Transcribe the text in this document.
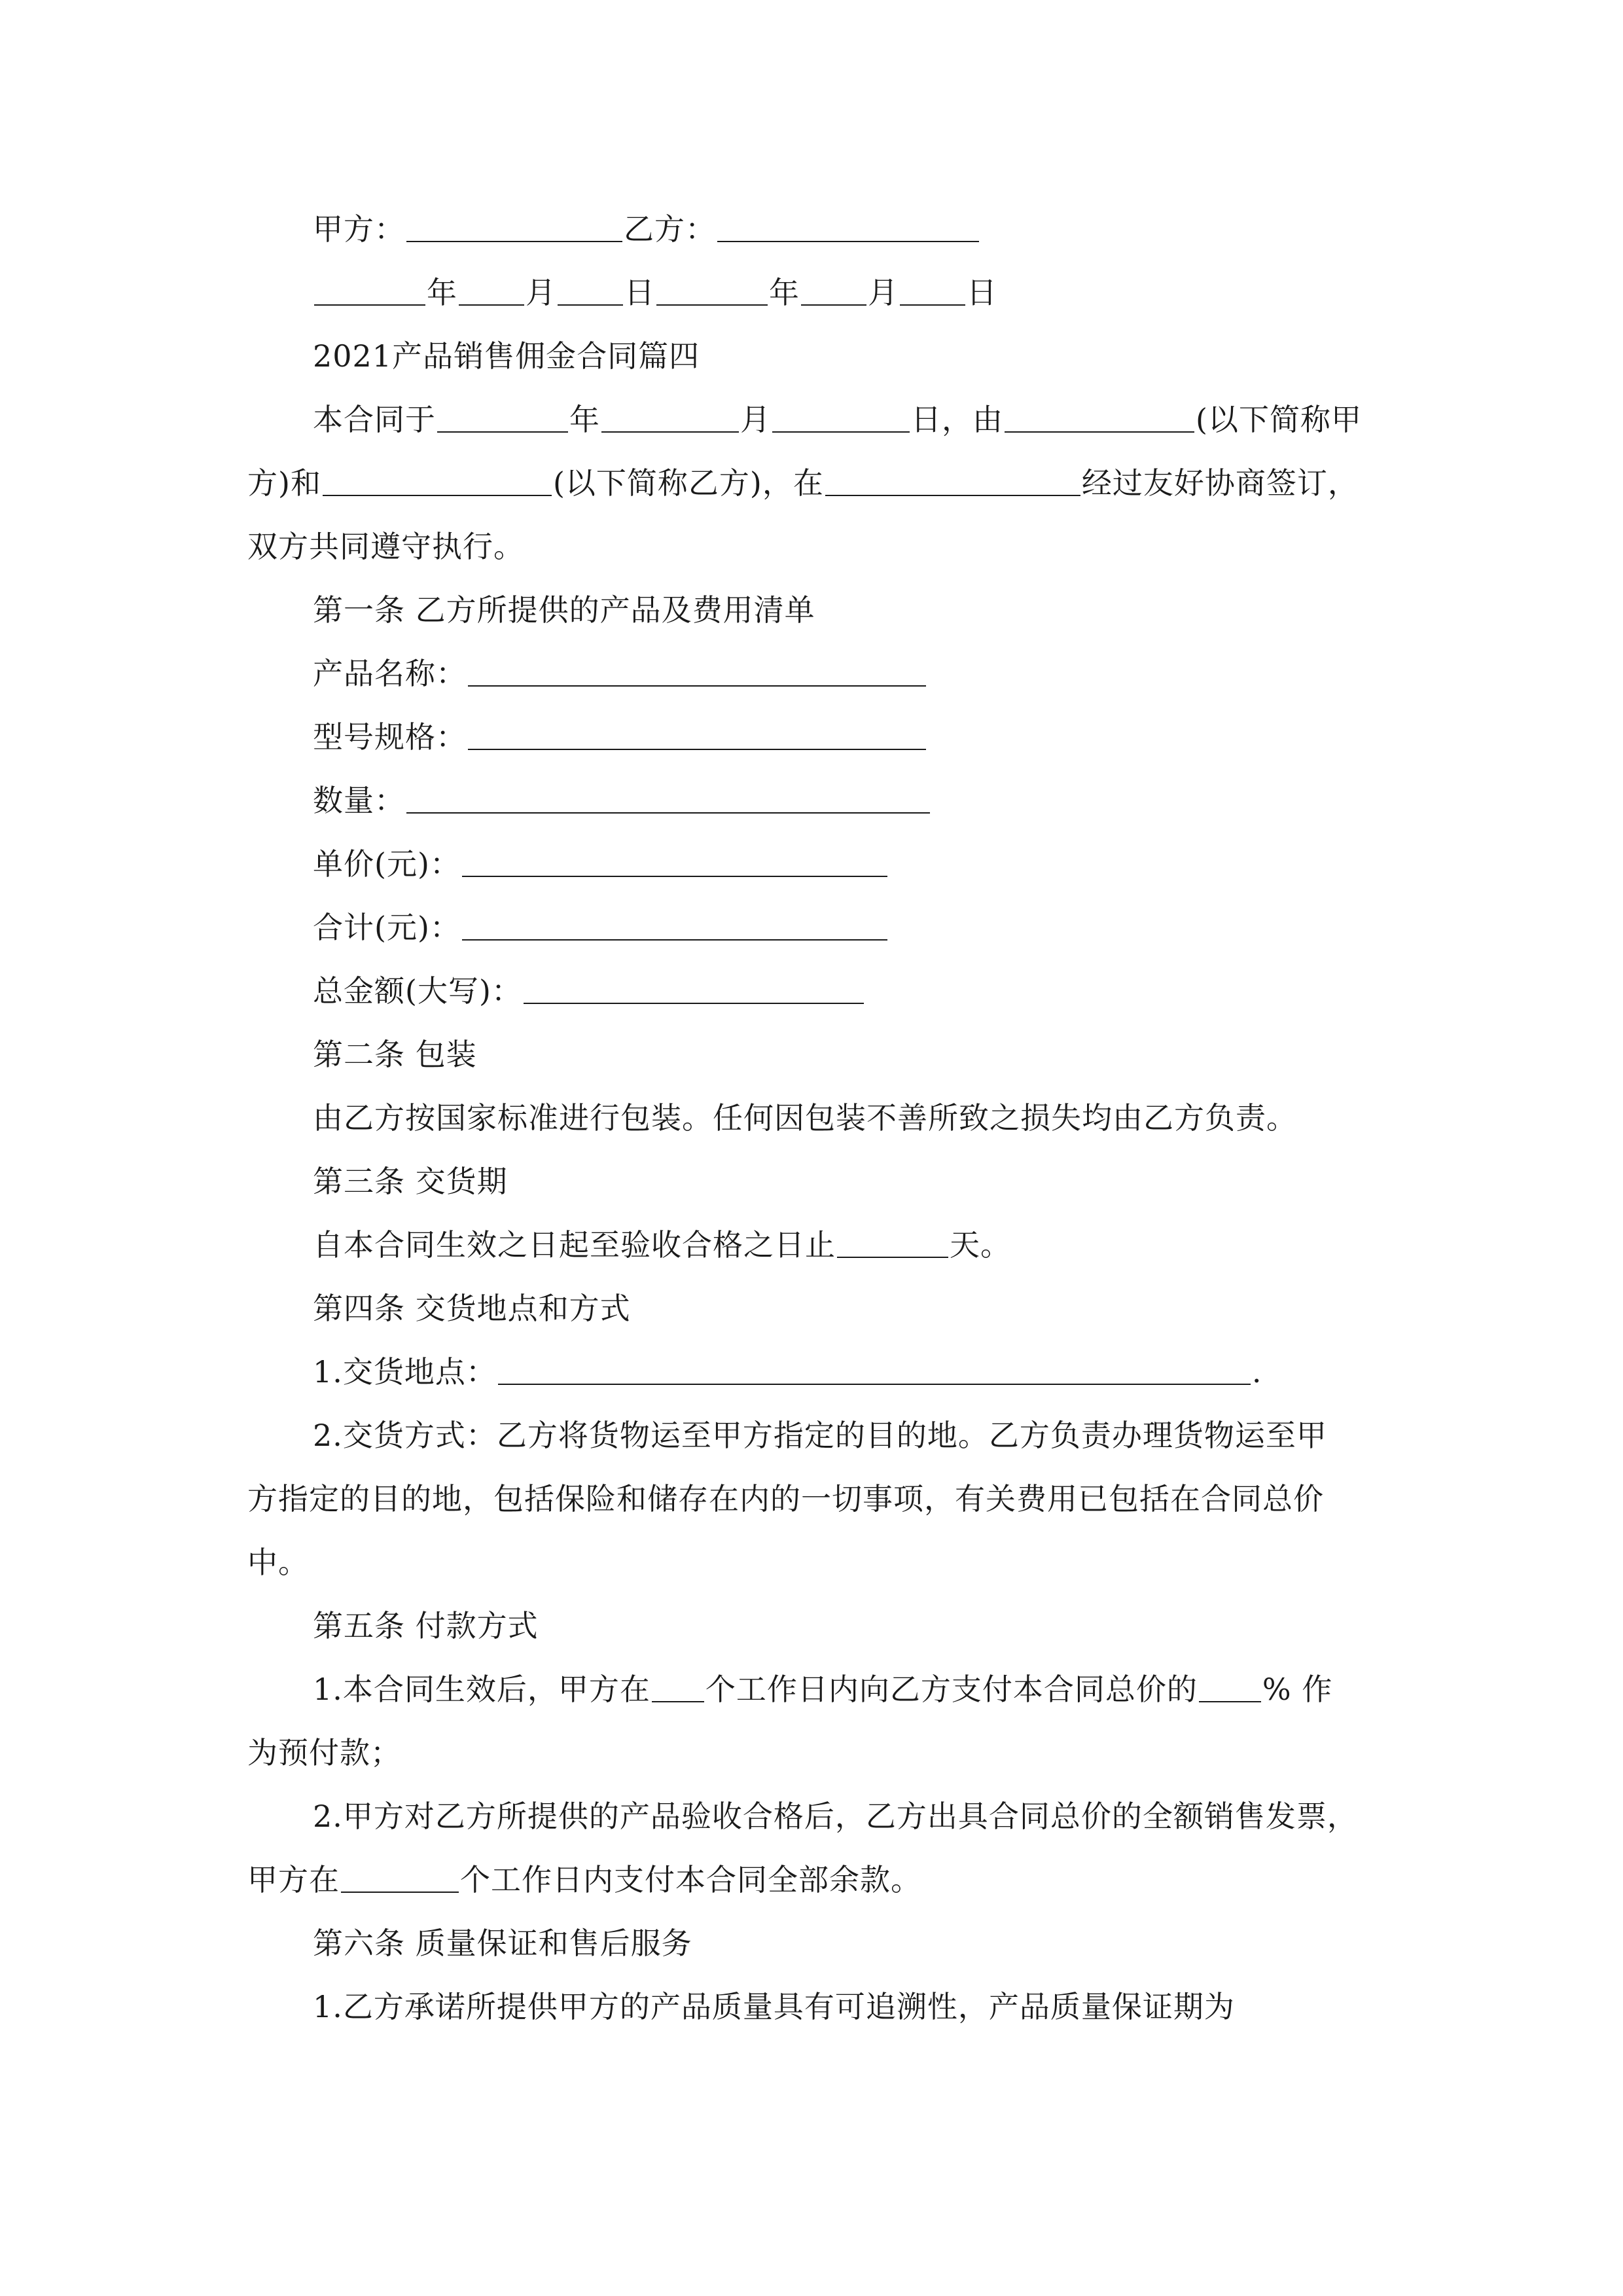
甲方：	乙方：
年 月 日	年 月 日
2021产品销售佣金合同篇四
本合同于	年	月	日，由	(以下简称甲
方)和	(以下简称乙方)，在	经过友好协商签订，
双方共同遵守执行。
第一条 乙方所提供的产品及费用清单
产品名称：
型号规格：
数量：
单价(元)：
合计(元)：
总金额(大写)：
第二条 包装
由乙方按国家标准进行包装。任何因包装不善所致之损失均由乙方负责。
第三条 交货期
自本合同生效之日起至验收合格之日止	天。
第四条 交货地点和方式
1.交货地点：	.
2.交货方式：乙方将货物运至甲方指定的目的地。乙方负责办理货物运至甲
方指定的目的地，包括保险和储存在内的一切事项，有关费用已包括在合同总价
中。
第五条 付款方式
1.本合同生效后，甲方在 个工作日内向乙方支付本合同总价的 % 作
为预付款；
2.甲方对乙方所提供的产品验收合格后，乙方出具合同总价的全额销售发票，
甲方在	个工作日内支付本合同全部余款。
第六条 质量保证和售后服务
1.乙方承诺所提供甲方的产品质量具有可追溯性，产品质量保证期为
